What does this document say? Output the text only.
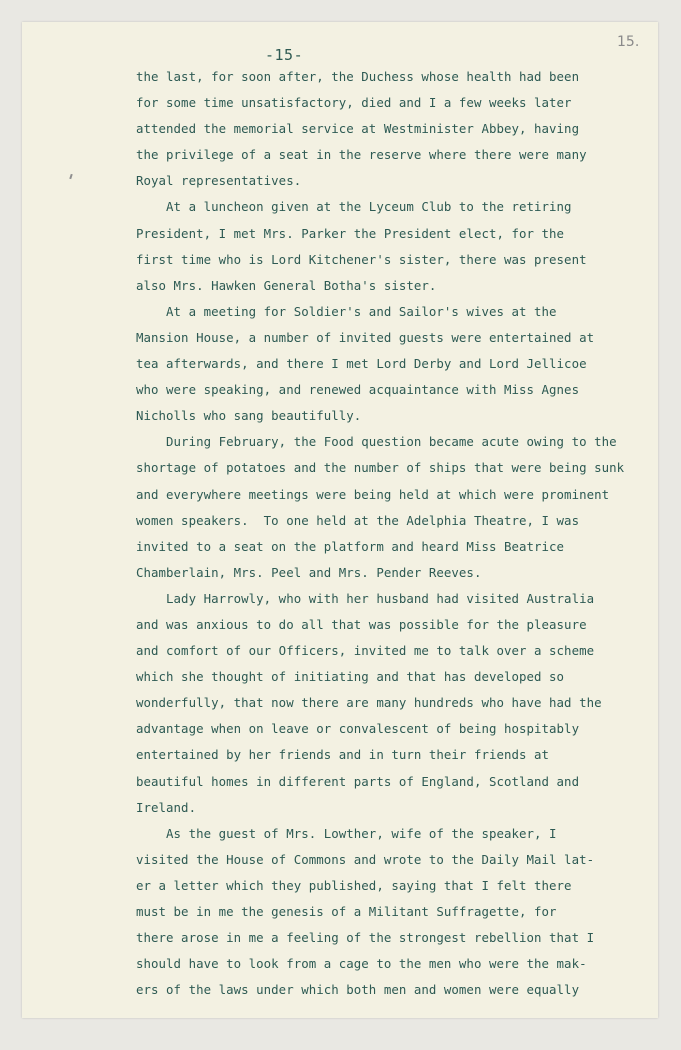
-15-
15.
the last, for soon after, the Duchess whose health had been
for some time unsatisfactory, died and I a few weeks later
attended the memorial service at Westminister Abbey, having
the privilege of a seat in the reserve where there were many
Royal representatives.
At a luncheon given at the Lyceum Club to the retiring
President, I met Mrs. Parker the President elect, for the
first time who is Lord Kitchener's sister, there was present
also Mrs. Hawken General Botha's sister.
At a meeting for Soldier's and Sailor's wives at the
Mansion House, a number of invited guests were entertained at
tea afterwards, and there I met Lord Derby and Lord Jellicoe
who were speaking, and renewed acquaintance with Miss Agnes
Nicholls who sang beautifully.
During February, the Food question became acute owing to the
shortage of potatoes and the number of ships that were being sunk
and everywhere meetings were being held at which were prominent
women speakers.  To one held at the Adelphia Theatre, I was
invited to a seat on the platform and heard Miss Beatrice
Chamberlain, Mrs. Peel and Mrs. Pender Reeves.
Lady Harrowly, who with her husband had visited Australia
and was anxious to do all that was possible for the pleasure
and comfort of our Officers, invited me to talk over a scheme
which she thought of initiating and that has developed so
wonderfully, that now there are many hundreds who have had the
advantage when on leave or convalescent of being hospitably
entertained by her friends and in turn their friends at
beautiful homes in different parts of England, Scotland and
Ireland.
As the guest of Mrs. Lowther, wife of the speaker, I
visited the House of Commons and wrote to the Daily Mail lat-
er a letter which they published, saying that I felt there
must be in me the genesis of a Militant Suffragette, for
there arose in me a feeling of the strongest rebellion that I
should have to look from a cage to the men who were the mak-
ers of the laws under which both men and women were equally
